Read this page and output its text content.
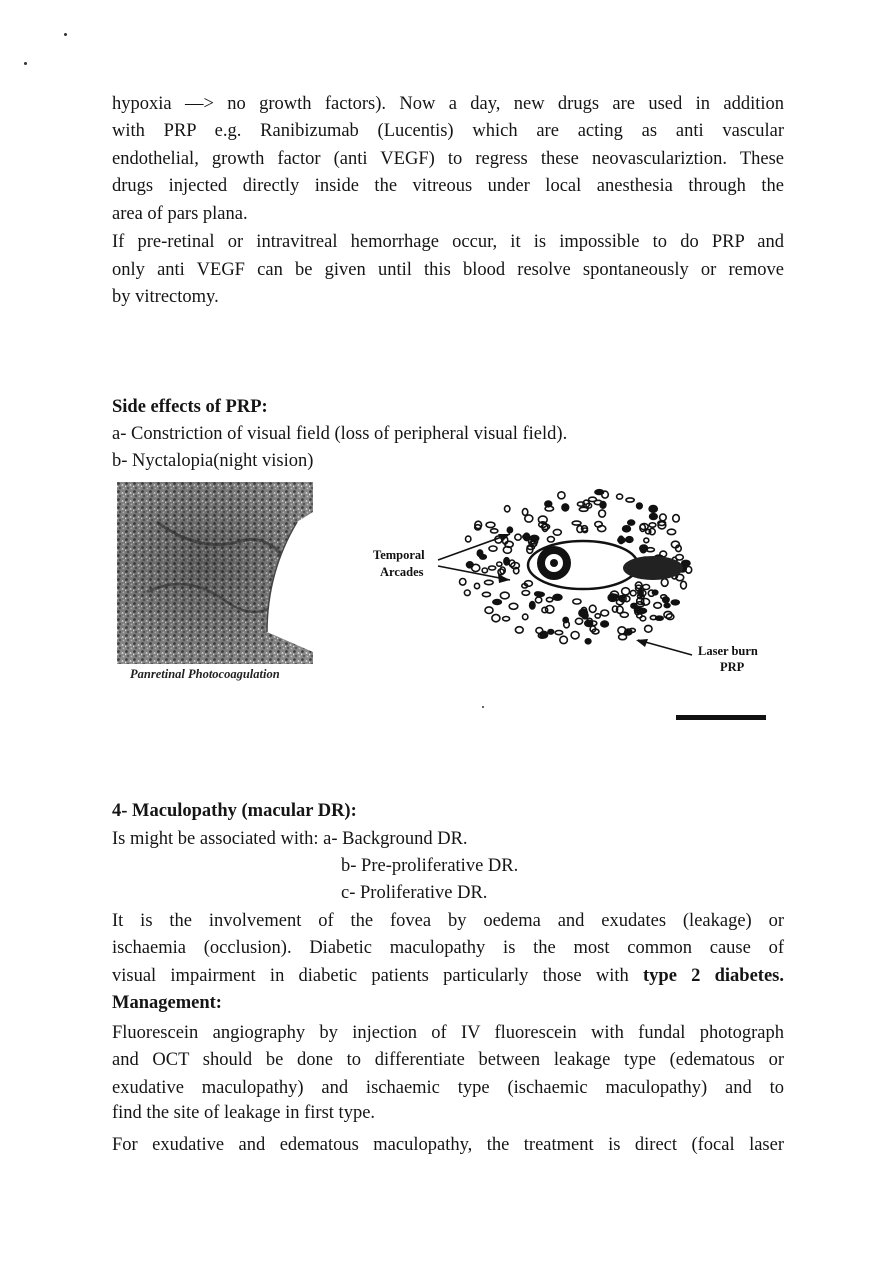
hypoxia —> no growth factors). Now a day, new drugs are used in addition
with PRP e.g. Ranibizumab (Lucentis) which are acting as anti vascular
endothelial, growth factor (anti VEGF) to regress these neovasculariztion. These
drugs injected directly inside the vitreous under local anesthesia through the
area of pars plana.
If pre-retinal or intravitreal hemorrhage occur, it is impossible to do PRP and
only anti VEGF can be given until this blood resolve spontaneously or remove
by vitrectomy.
Side effects of PRP:
a- Constriction of visual field (loss of peripheral visual field).
b- Nyctalopia(night vision)
Panretinal Photocoagulation
Temporal
Arcades
Laser burn
PRP
4- Maculopathy (macular DR):
Is might be associated with: a- Background DR.
b- Pre-proliferative DR.
c- Proliferative DR.
It is the involvement of the fovea by oedema and exudates (leakage) or
ischaemia (occlusion). Diabetic maculopathy is the most common cause of
visual impairment in diabetic patients particularly those with type 2 diabetes.
Management:
Fluorescein angiography by injection of IV fluorescein with fundal photograph
and OCT should be done to differentiate between leakage type (edematous or
exudative maculopathy) and ischaemic type (ischaemic maculopathy) and to
find the site of leakage in first type.
For exudative and edematous maculopathy, the treatment is direct (focal laser
